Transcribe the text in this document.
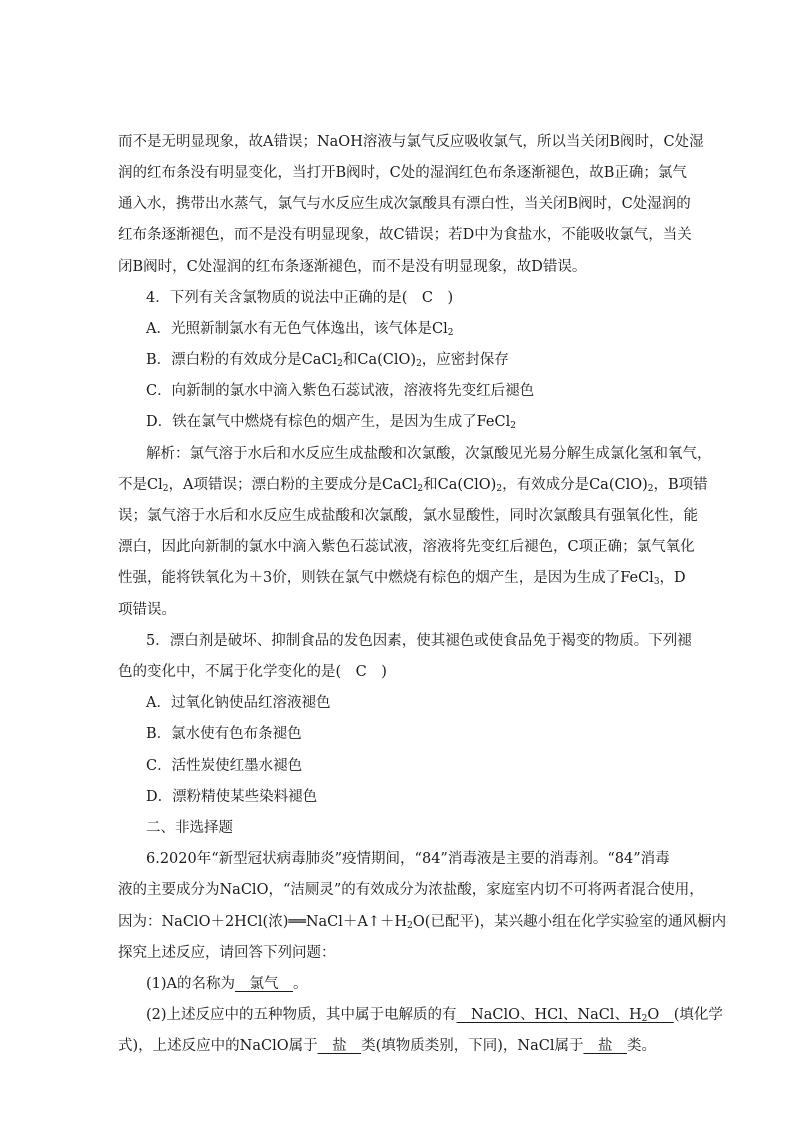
而不是无明显现象，故A错误；NaOH溶液与氯气反应吸收氯气，所以当关闭B阀时，C处湿
润的红布条没有明显变化，当打开B阀时，C处的湿润红色布条逐渐褪色，故B正确；氯气
通入水，携带出水蒸气，氯气与水反应生成次氯酸具有漂白性，当关闭B阀时，C处湿润的
红布条逐渐褪色，而不是没有明显现象，故C错误；若D中为食盐水，不能吸收氯气，当关
闭B阀时，C处湿润的红布条逐渐褪色，而不是没有明显现象，故D错误。
4．下列有关含氯物质的说法中正确的是(　C　)
A．光照新制氯水有无色气体逸出，该气体是$Cl_2$
B．漂白粉的有效成分是CaCl$_2$和$Ca(ClO)_2$，应密封保存
C．向新制的氯水中滴入紫色石蕊试液，溶液将先变红后褪色
D．铁在氯气中燃烧有棕色的烟产生，是因为生成了FeCl$_2$
解析：氯气溶于水后和水反应生成盐酸和次氯酸，次氯酸见光易分解生成氯化氢和氧气，
不是$Cl_2$，A项错误；漂白粉的主要成分是CaCl$_2$和$Ca(ClO)_2$，有效成分是$Ca(ClO)_2$，B项错
误；氯气溶于水后和水反应生成盐酸和次氯酸，氯水显酸性，同时次氯酸具有强氧化性，能
漂白，因此向新制的氯水中滴入紫色石蕊试液，溶液将先变红后褪色，C项正确；氯气氧化
性强，能将铁氧化为＋3价，则铁在氯气中燃烧有棕色的烟产生，是因为生成了FeCl$_3$，D
项错误。
5．漂白剂是破坏、抑制食品的发色因素，使其褪色或使食品免于褐变的物质。下列褪
色的变化中，不属于化学变化的是(　C　)
A．过氧化钠使品红溶液褪色
B．氯水使有色布条褪色
C．活性炭使红墨水褪色
D．漂粉精使某些染料褪色
二、非选择题
6.2020年“新型冠状病毒肺炎”疫情期间，“84”消毒液是主要的消毒剂。“84”消毒
液的主要成分为NaClO，“洁厕灵”的有效成分为浓盐酸，家庭室内切不可将两者混合使用，
因为：NaClO＋2HCl(浓)$══NaCl+A↑+H_2O$(已配平)，某兴趣小组在化学实验室的通风橱内
探究上述反应，请回答下列问题：
(1)A的名称为　氯气　。
(2)上述反应中的五种物质，其中属于电解质的有　NaClO、HCl、NaCl、$H_2O$　(填化学
式)，上述反应中的NaClO属于　盐　类(填物质类别，下同)，NaCl属于　盐　类。
